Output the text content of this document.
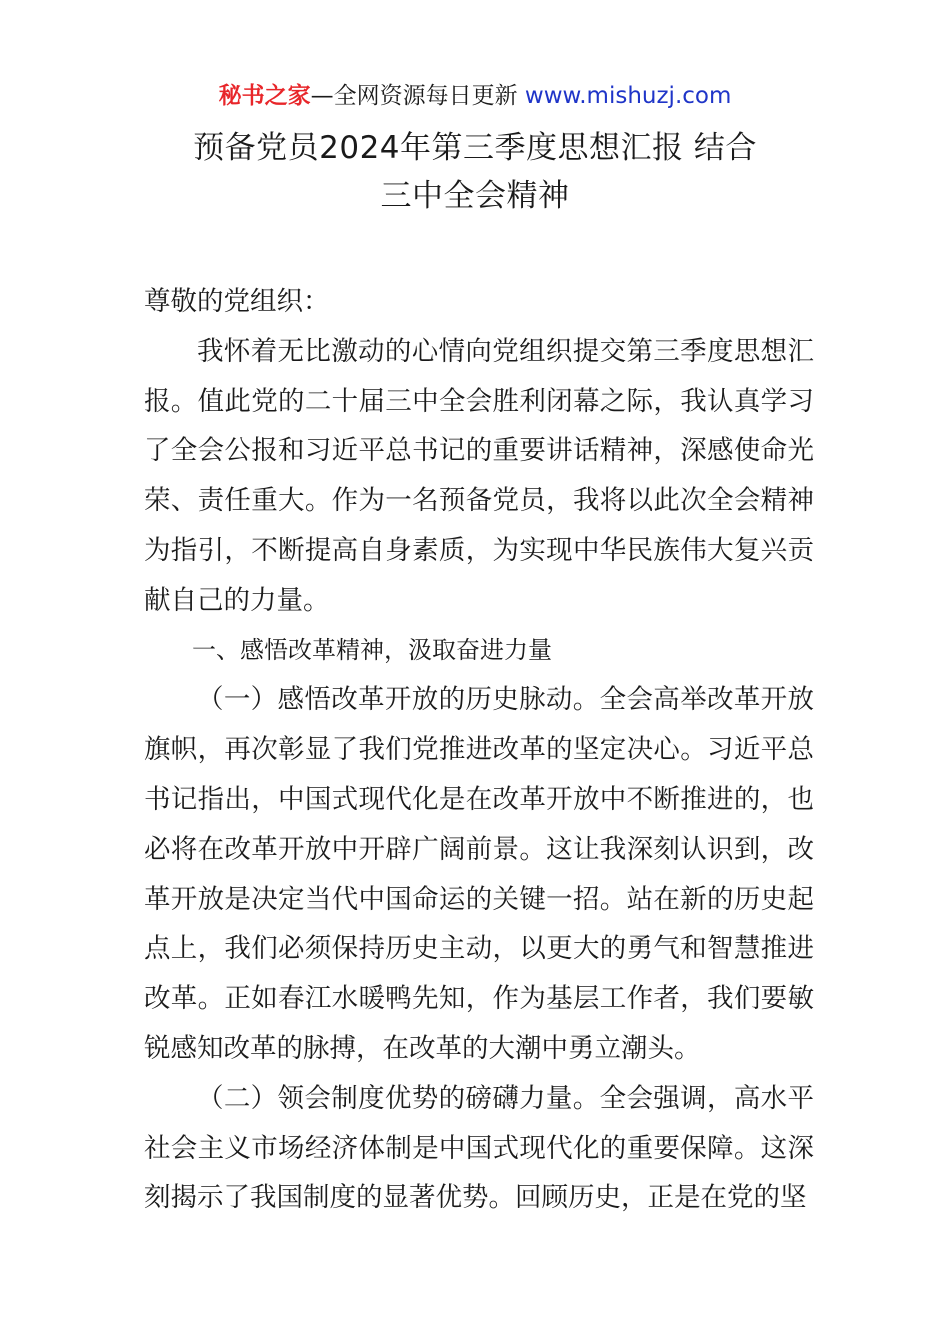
秘书之家—全网资源每日更新 www.mishuzj.com
预备党员2024年第三季度思想汇报 结合
三中全会精神

尊敬的党组织：

我怀着无比激动的心情向党组织提交第三季度思想汇报。值此党的二十届三中全会胜利闭幕之际，我认真学习了全会公报和习近平总书记的重要讲话精神，深感使命光荣、责任重大。作为一名预备党员，我将以此次全会精神为指引，不断提高自身素质，为实现中华民族伟大复兴贡献自己的力量。

一、感悟改革精神，汲取奋进力量

（一）感悟改革开放的历史脉动。全会高举改革开放旗帜，再次彰显了我们党推进改革的坚定决心。习近平总书记指出，中国式现代化是在改革开放中不断推进的，也必将在改革开放中开辟广阔前景。这让我深刻认识到，改革开放是决定当代中国命运的关键一招。站在新的历史起点上，我们必须保持历史主动，以更大的勇气和智慧推进改革。正如春江水暖鸭先知，作为基层工作者，我们要敏锐感知改革的脉搏，在改革的大潮中勇立潮头。

（二）领会制度优势的磅礴力量。全会强调，高水平社会主义市场经济体制是中国式现代化的重要保障。这深刻揭示了我国制度的显著优势。回顾历史，正是在党的坚
